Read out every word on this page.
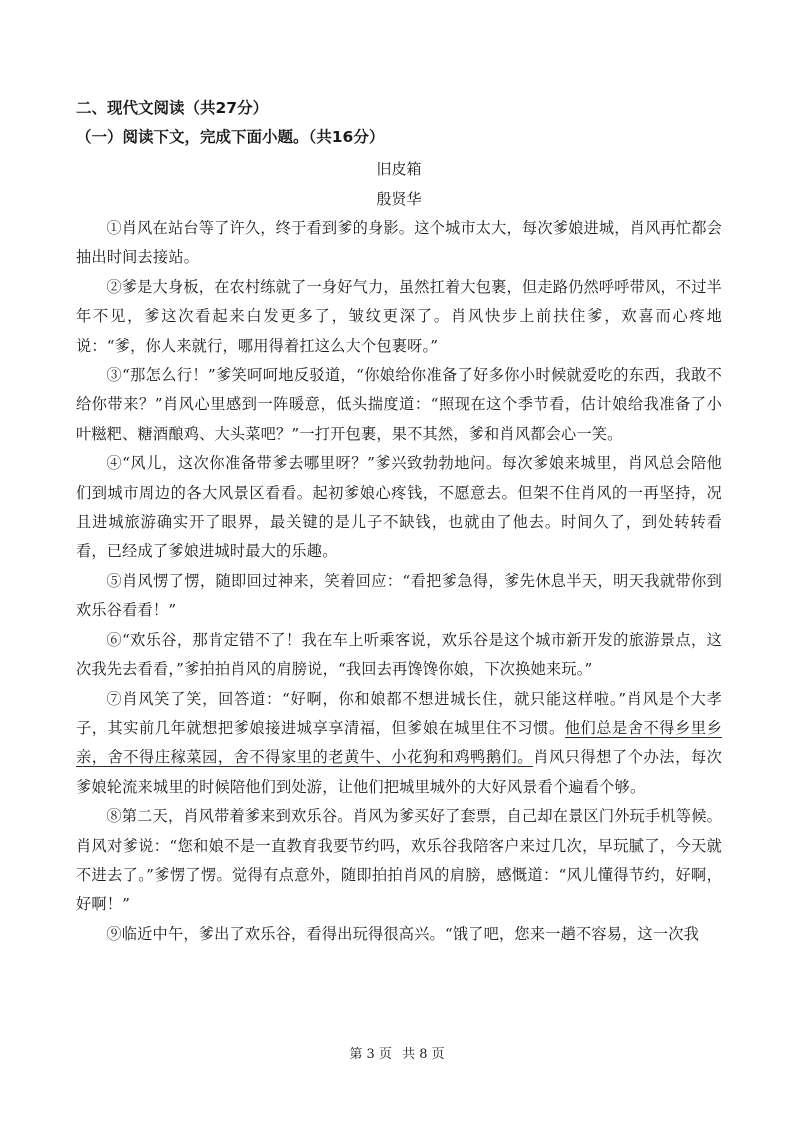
二、现代文阅读（共27分）
（一）阅读下文，完成下面小题。（共16分）
旧皮箱
殷贤华

①肖风在站台等了许久，终于看到爹的身影。这个城市太大，每次爹娘进城，肖风再忙都会抽出时间去接站。

②爹是大身板，在农村练就了一身好气力，虽然扛着大包裹，但走路仍然呼呼带风，不过半年不见，爹这次看起来白发更多了，皱纹更深了。肖风快步上前扶住爹，欢喜而心疼地说：“爹，你人来就行，哪用得着扛这么大个包裹呀。”

③“那怎么行！”爹笑呵呵地反驳道，“你娘给你准备了好多你小时候就爱吃的东西，我敢不给你带来？”肖风心里感到一阵暖意，低头揣度道：“照现在这个季节看，估计娘给我准备了小叶糍粑、糖酒酿鸡、大头菜吧？”一打开包裹，果不其然，爹和肖风都会心一笑。

④“风儿，这次你准备带爹去哪里呀？”爹兴致勃勃地问。每次爹娘来城里，肖风总会陪他们到城市周边的各大风景区看看。起初爹娘心疼钱，不愿意去。但架不住肖风的一再坚持，况且进城旅游确实开了眼界，最关键的是儿子不缺钱，也就由了他去。时间久了，到处转转看看，已经成了爹娘进城时最大的乐趣。

⑤肖风愣了愣，随即回过神来，笑着回应：“看把爹急得，爹先休息半天，明天我就带你到欢乐谷看看！”

⑥“欢乐谷，那肯定错不了！我在车上听乘客说，欢乐谷是这个城市新开发的旅游景点，这次我先去看看，”爹拍拍肖风的肩膀说，“我回去再馋馋你娘，下次换她来玩。”

⑦肖风笑了笑，回答道：“好啊，你和娘都不想进城长住，就只能这样啦。”肖风是个大孝子，其实前几年就想把爹娘接进城享享清福，但爹娘在城里住不习惯。他们总是舍不得乡里乡亲，舍不得庄稼菜园，舍不得家里的老黄牛、小花狗和鸡鸭鹅们。肖风只得想了个办法，每次爹娘轮流来城里的时候陪他们到处游，让他们把城里城外的大好风景看个遍看个够。

⑧第二天，肖风带着爹来到欢乐谷。肖风为爹买好了套票，自己却在景区门外玩手机等候。肖风对爹说：“您和娘不是一直教育我要节约吗，欢乐谷我陪客户来过几次，早玩腻了，今天就不进去了。”爹愣了愣。觉得有点意外，随即拍拍肖风的肩膀，感慨道：“风儿懂得节约，好啊，好啊！”

⑨临近中午，爹出了欢乐谷，看得出玩得很高兴。“饿了吧，您来一趟不容易，这一次我

第 3 页 共 8 页
